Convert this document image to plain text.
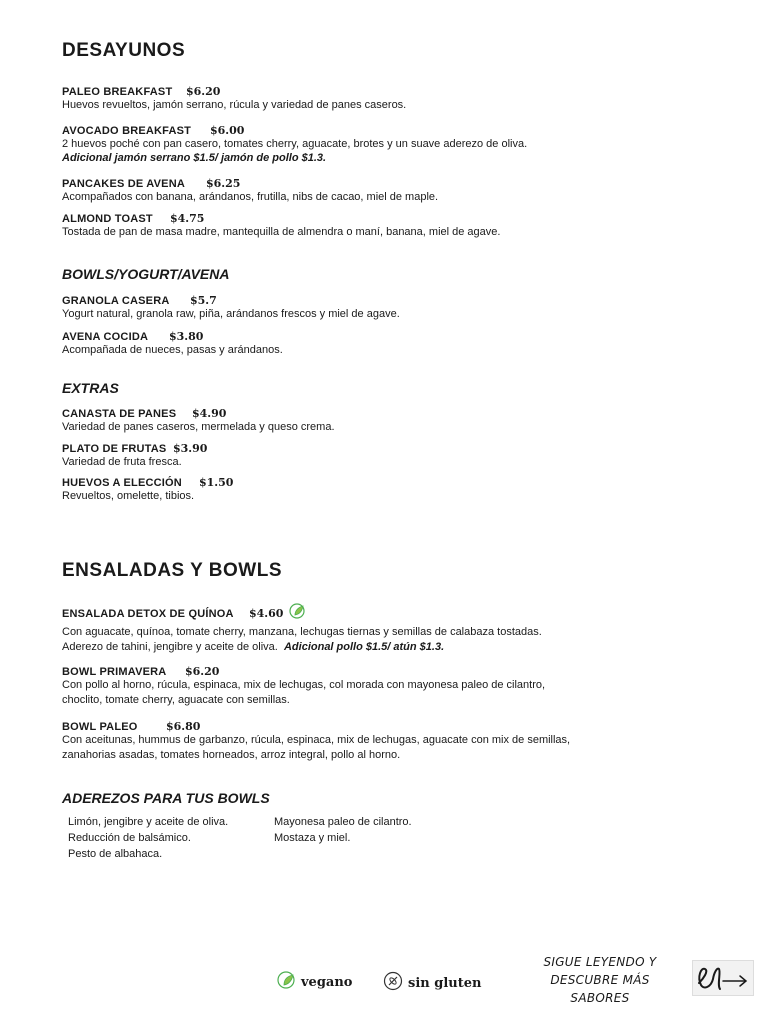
DESAYUNOS
PALEO BREAKFAST	$6.20
Huevos revueltos, jamón serrano, rúcula y variedad de panes caseros.
AVOCADO BREAKFAST	$6.00
2 huevos poché con pan casero, tomates cherry, aguacate, brotes y un suave aderezo de oliva.
Adicional jamón serrano $1.5/ jamón de pollo $1.3.
PANCAKES DE AVENA	$6.25
Acompañados con banana, arándanos, frutilla, nibs de cacao, miel de maple.
ALMOND TOAST	$4.75
Tostada de pan de masa madre, mantequilla de almendra o maní, banana, miel de agave.
BOWLS/YOGURT/AVENA
GRANOLA CASERA	$5.7
Yogurt natural, granola raw, piña, arándanos frescos y miel de agave.
AVENA COCIDA	$3.80
Acompañada de nueces, pasas y arándanos.
EXTRAS
CANASTA DE PANES	$4.90
Variedad de panes caseros, mermelada y queso crema.
PLATO DE FRUTAS $3.90
Variedad de fruta fresca.
HUEVOS A ELECCIÓN	$1.50
Revueltos, omelette, tibios.
ENSALADAS Y BOWLS
ENSALADA DETOX DE QUÍNOA	$4.60
Con aguacate, quínoa, tomate cherry, manzana, lechugas tiernas y semillas de calabaza tostadas.
Aderezo de tahini, jengibre y aceite de oliva. Adicional pollo $1.5/ atún $1.3.
BOWL PRIMAVERA	$6.20
Con pollo al horno, rúcula, espinaca, mix de lechugas, col morada con mayonesa paleo de cilantro,
choclito, tomate cherry, aguacate con semillas.
BOWL PALEO	$6.80
Con aceitunas, hummus de garbanzo, rúcula, espinaca, mix de lechugas, aguacate con mix de semillas,
zanahorias asadas, tomates horneados, arroz integral, pollo al horno.
ADEREZOS PARA TUS BOWLS
Limón, jengibre y aceite de oliva.
Reducción de balsámico.
Pesto de albahaca.
Mayonesa paleo de cilantro.
Mostaza y miel.
vegano	sin gluten
SIGUE LEYENDO Y
DESCUBRE MÁS SABORES
